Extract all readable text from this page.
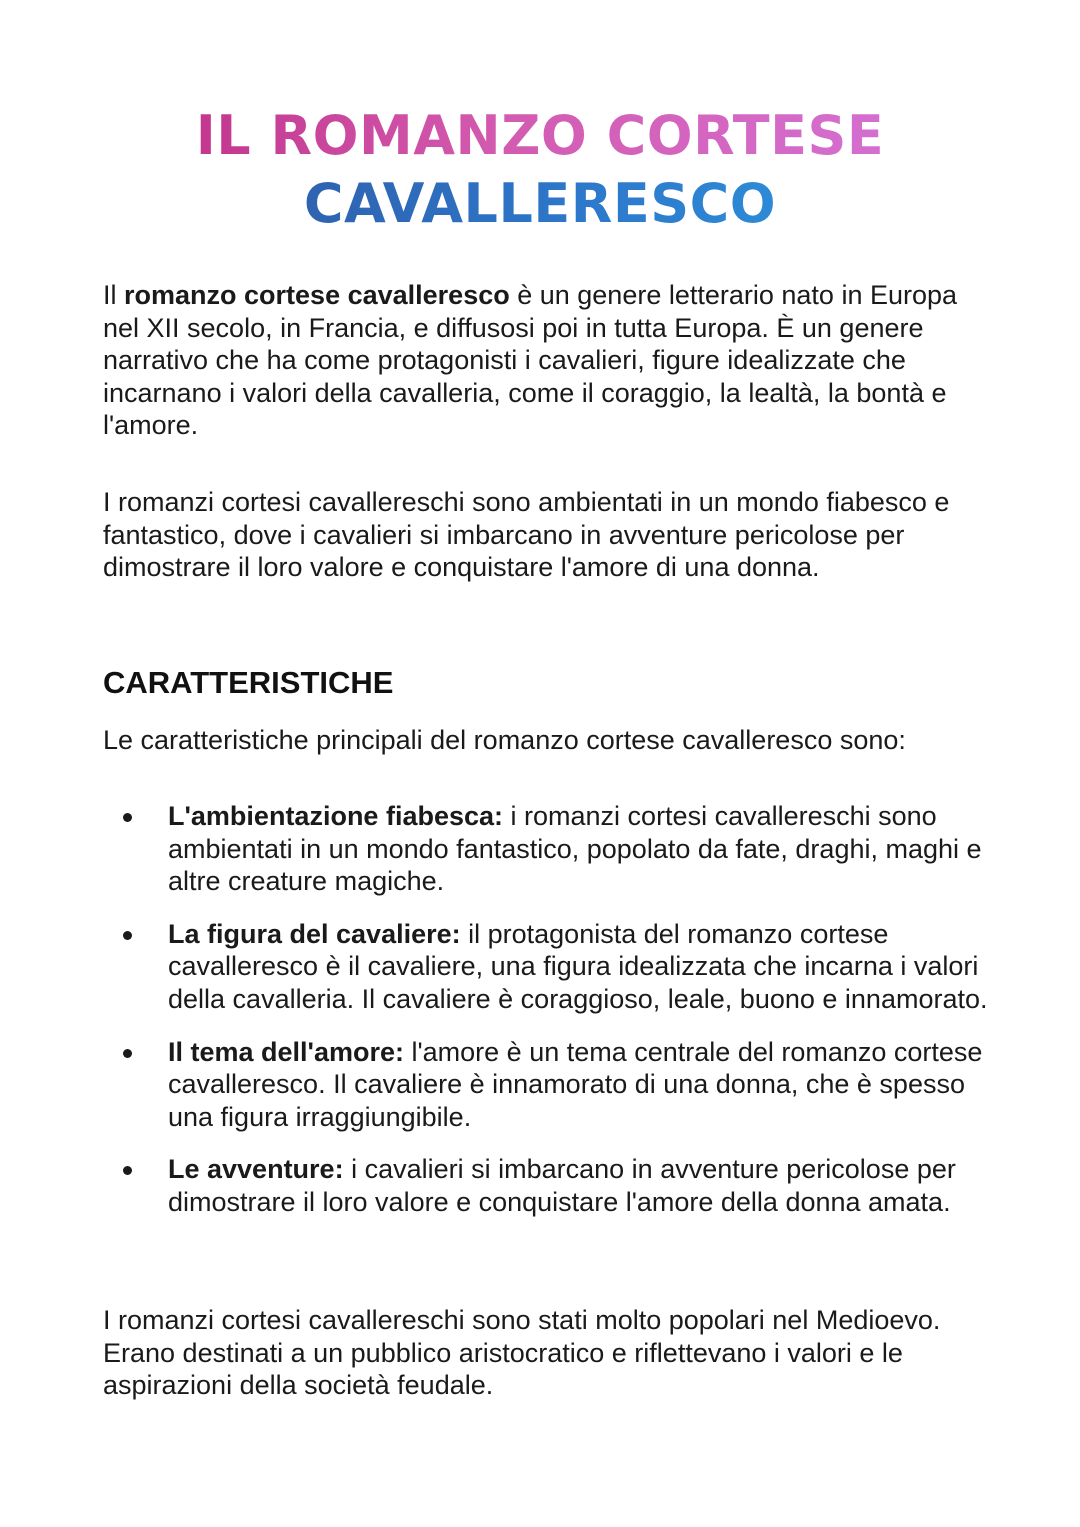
IL ROMANZO CORTESE
CAVALLERESCO

Il romanzo cortese cavalleresco è un genere letterario nato in Europa nel XII secolo, in Francia, e diffusosi poi in tutta Europa. È un genere narrativo che ha come protagonisti i cavalieri, figure idealizzate che incarnano i valori della cavalleria, come il coraggio, la lealtà, la bontà e l'amore.

I romanzi cortesi cavallereschi sono ambientati in un mondo fiabesco e fantastico, dove i cavalieri si imbarcano in avventure pericolose per dimostrare il loro valore e conquistare l'amore di una donna.

CARATTERISTICHE

Le caratteristiche principali del romanzo cortese cavalleresco sono:

L'ambientazione fiabesca: i romanzi cortesi cavallereschi sono ambientati in un mondo fantastico, popolato da fate, draghi, maghi e altre creature magiche.
La figura del cavaliere: il protagonista del romanzo cortese cavalleresco è il cavaliere, una figura idealizzata che incarna i valori della cavalleria. Il cavaliere è coraggioso, leale, buono e innamorato.
Il tema dell'amore: l'amore è un tema centrale del romanzo cortese cavalleresco. Il cavaliere è innamorato di una donna, che è spesso una figura irraggiungibile.
Le avventure: i cavalieri si imbarcano in avventure pericolose per dimostrare il loro valore e conquistare l'amore della donna amata.

I romanzi cortesi cavallereschi sono stati molto popolari nel Medioevo. Erano destinati a un pubblico aristocratico e riflettevano i valori e le aspirazioni della società feudale.
